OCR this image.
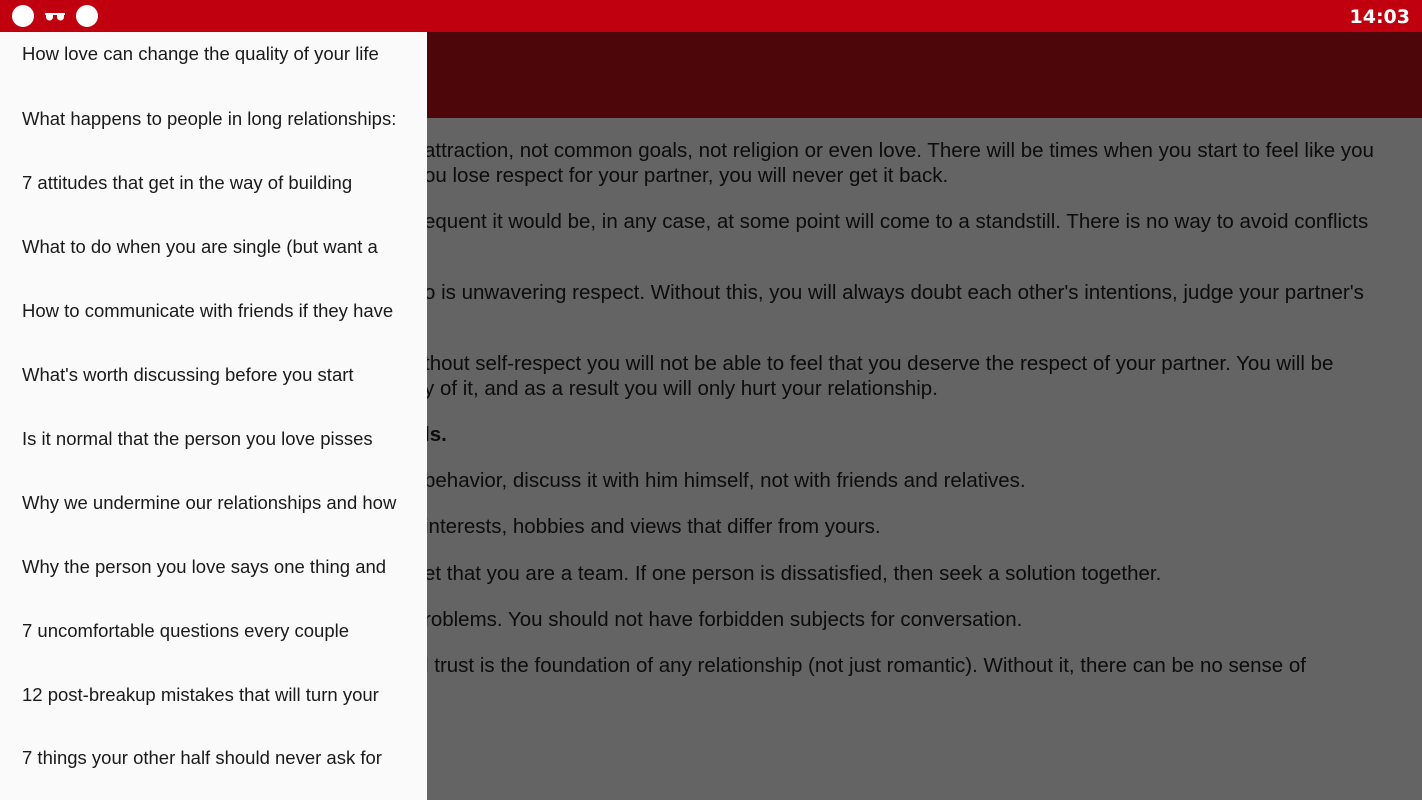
14:03

How love can change the quality of your life
What happens to people in long relationships:
7 attitudes that get in the way of building
What to do when you are single (but want a
How to communicate with friends if they have
What's worth discussing before you start
Is it normal that the person you love pisses
Why we undermine our relationships and how
Why the person you love says one thing and
7 uncomfortable questions every couple
12 post-breakup mistakes that will turn your
7 things your other half should never ask for
